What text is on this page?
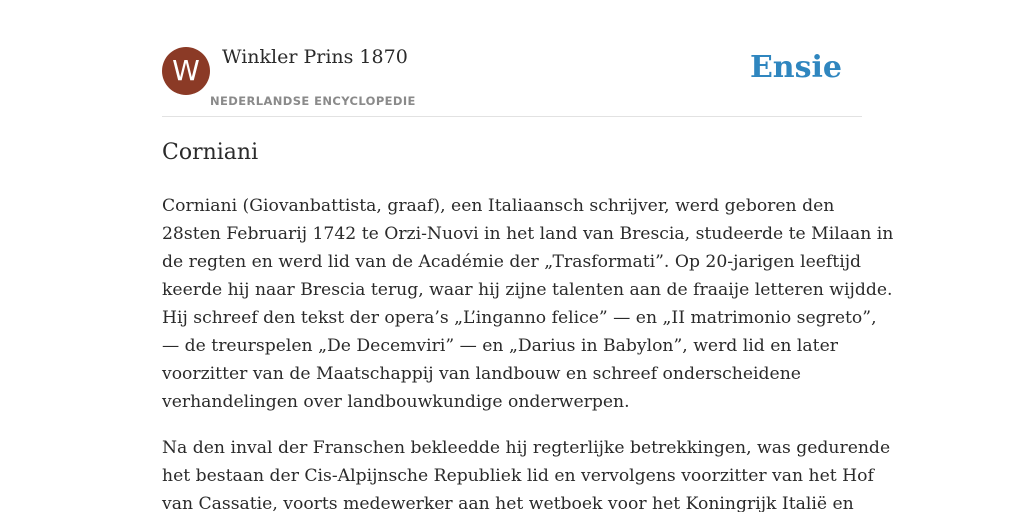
W	Winkler Prins 1870
NEDERLANDSE ENCYCLOPEDIE
Ensie
Corniani

Corniani (Giovanbattista, graaf), een Italiaansch schrijver, werd geboren den
28sten Februarij 1742 te Orzi-Nuovi in het land van Brescia, studeerde te Milaan in
de regten en werd lid van de Académie der „Trasformati”. Op 20-jarigen leeftijd
keerde hij naar Brescia terug, waar hij zijne talenten aan de fraaije letteren wijdde.
Hij schreef den tekst der opera’s „L’inganno felice” — en „II matrimonio segreto”,
— de treurspelen „De Decemviri” — en „Darius in Babylon”, werd lid en later
voorzitter van de Maatschappij van landbouw en schreef onderscheidene
verhandelingen over landbouwkundige onderwerpen.

Na den inval der Franschen bekleedde hij regterlijke betrekkingen, was gedurende
het bestaan der Cis-Alpijnsche Republiek lid en vervolgens voorzitter van het Hof
van Cassatie, voorts medewerker aan het wetboek voor het Koningrijk Italië en
